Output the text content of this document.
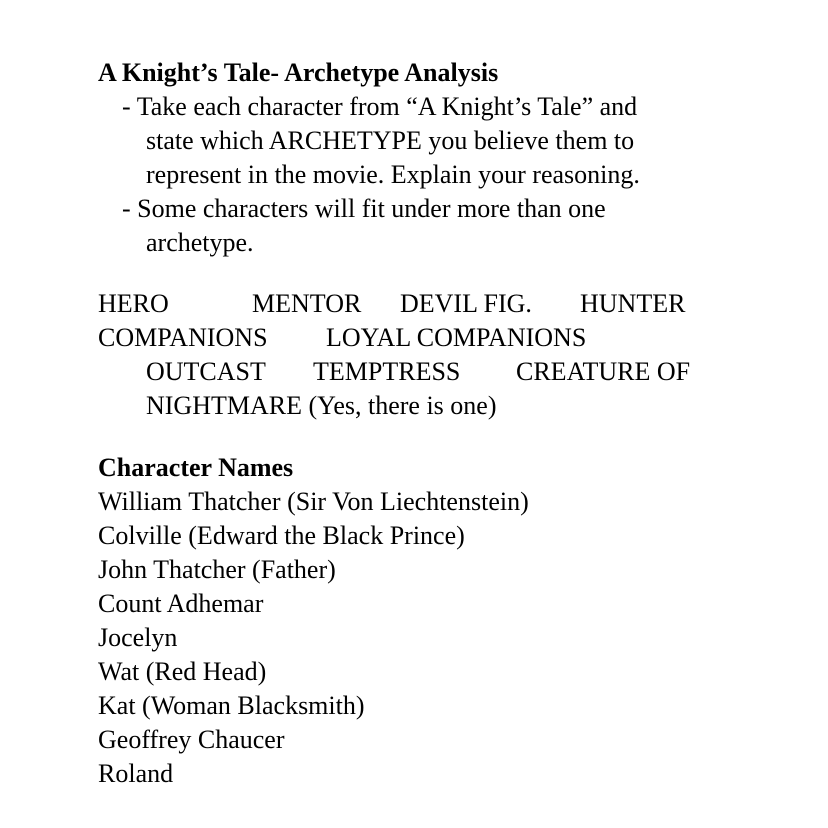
A Knight’s Tale- Archetype Analysis

- Take each character from “A Knight’s Tale” and

state which ARCHETYPE you believe them to

represent in the movie. Explain your reasoning.

- Some characters will fit under more than one

archetype.

HERO	MENTOR DEVIL FIG. HUNTER
COMPANIONS LOYAL COMPANIONS
OUTCAST TEMPTRESS CREATURE OF
NIGHTMARE (Yes, there is one)

Character Names

William Thatcher (Sir Von Liechtenstein)
Colville (Edward the Black Prince)
John Thatcher (Father)
Count Adhemar
Jocelyn
Wat (Red Head)
Kat (Woman Blacksmith)
Geoffrey Chaucer
Roland
